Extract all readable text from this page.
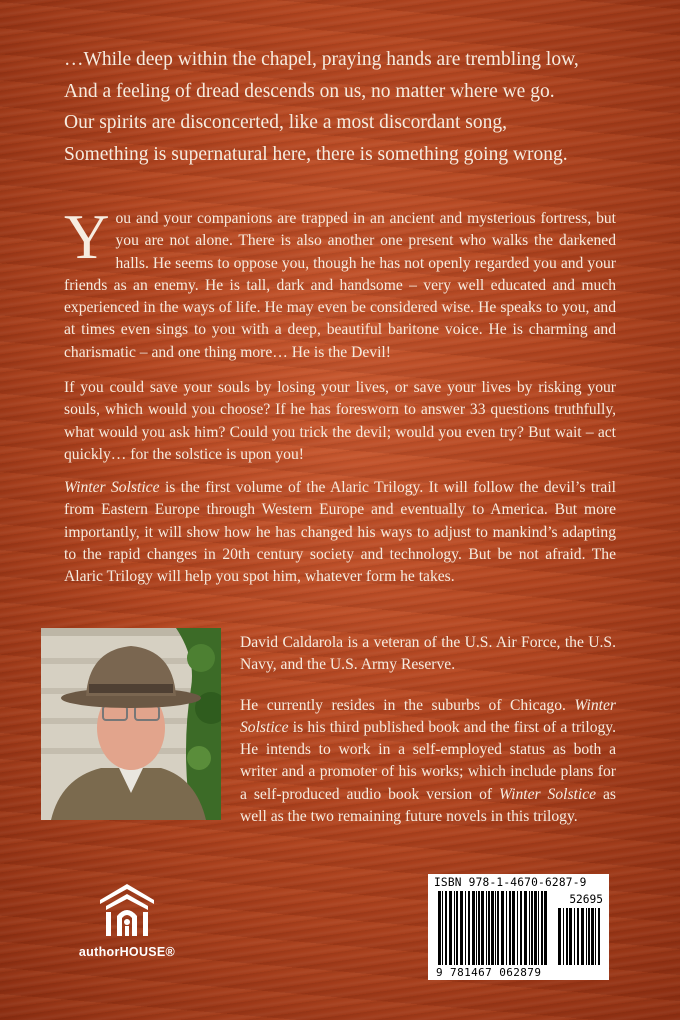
…While deep within the chapel, praying hands are trembling low,
And a feeling of dread descends on us, no matter where we go.
Our spirits are disconcerted, like a most discordant song,
Something is supernatural here, there is something going wrong.

You and your companions are trapped in an ancient and mysterious fortress, but you are not alone. There is also another one present who walks the darkened halls. He seems to oppose you, though he has not openly regarded you and your friends as an enemy. He is tall, dark and handsome – very well educated and much experienced in the ways of life. He may even be considered wise. He speaks to you, and at times even sings to you with a deep, beautiful baritone voice. He is charming and charismatic – and one thing more… He is the Devil!

If you could save your souls by losing your lives, or save your lives by risking your souls, which would you choose? If he has foresworn to answer 33 questions truthfully, what would you ask him? Could you trick the devil; would you even try? But wait – act quickly… for the solstice is upon you!

Winter Solstice is the first volume of the Alaric Trilogy. It will follow the devil’s trail from Eastern Europe through Western Europe and eventually to America. But more importantly, it will show how he has changed his ways to adjust to mankind’s adapting to the rapid changes in 20th century society and technology. But be not afraid. The Alaric Trilogy will help you spot him, whatever form he takes.

David Caldarola is a veteran of the U.S. Air Force, the U.S. Navy, and the U.S. Army Reserve.

He currently resides in the suburbs of Chicago. Winter Solstice is his third published book and the first of a trilogy. He intends to work in a self-employed status as both a writer and a promoter of his works; which include plans for a self-produced audio book version of Winter Solstice as well as the two remaining future novels in this trilogy.

authorHOUSE®
ISBN 978-1-4670-6287-9
52695
9 781467 062879
